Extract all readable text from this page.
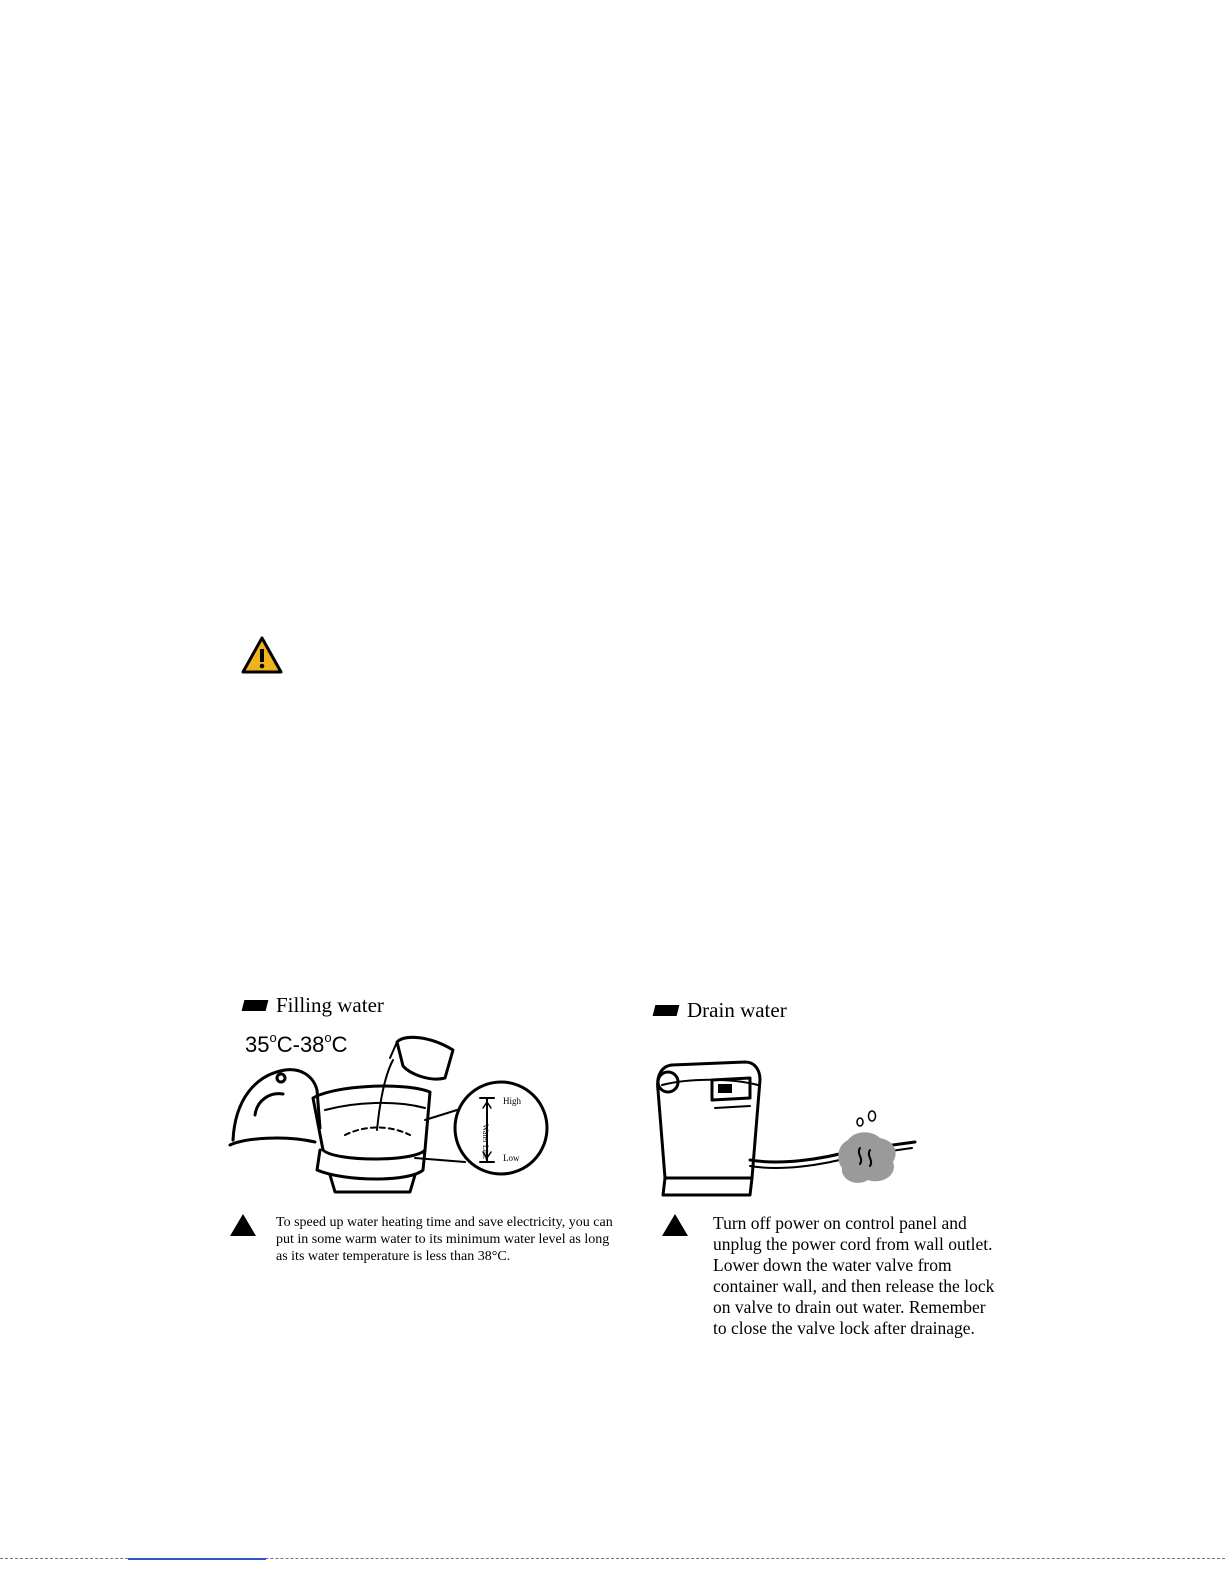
Filling water
35$^o$C-38$^o$C
High
Water Line Low
To speed up water heating time and save electricity, you can put in some warm water to its minimum water level as long as its water temperature is less than 38°C.
Drain water
Turn off power on control panel and
unplug the power cord from wall outlet.
Lower down the water valve from
container wall, and then release the lock
on valve to drain out water. Remember
to close the valve lock after drainage.
